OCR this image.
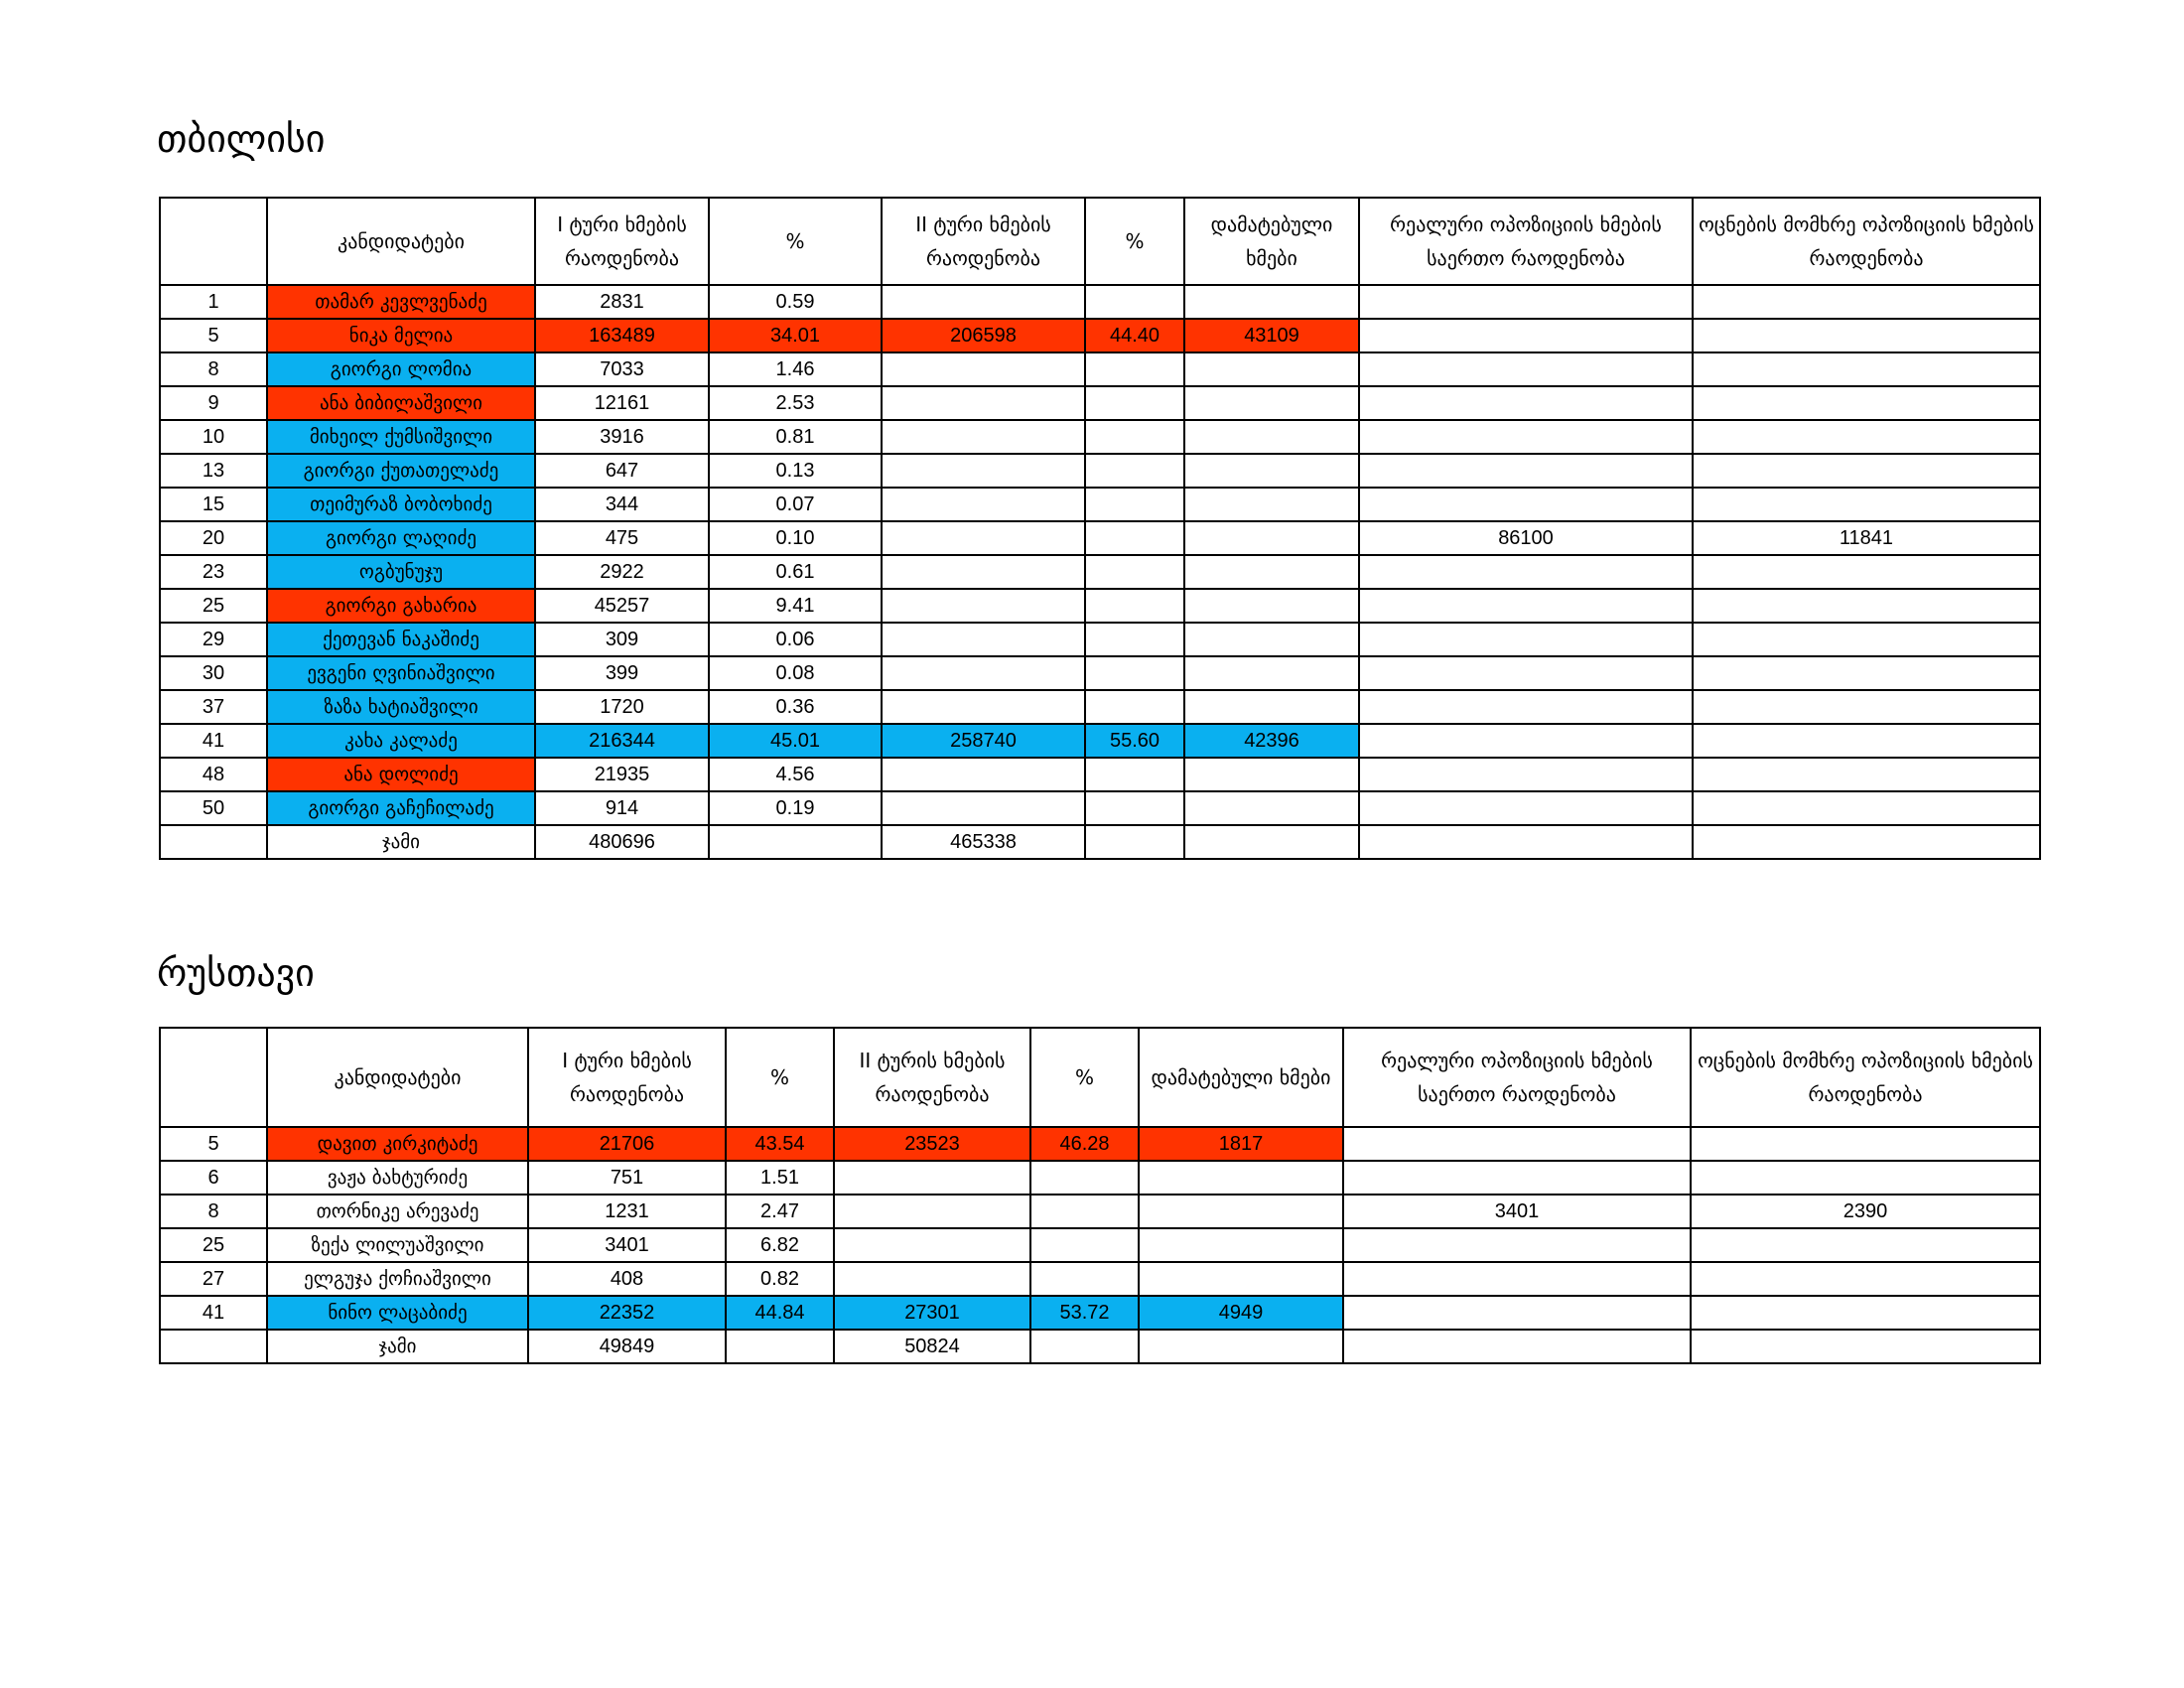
თბილისი
	კანდიდატები	I ტური ხმების რაოდენობა	%	II ტური ხმების რაოდენობა	%	დამატებული ხმები	რეალური ოპოზიციის ხმების საერთო რაოდენობა	ოცნების მომხრე ოპოზიციის ხმების რაოდენობა
1	თამარ კევლვენაძე	2831	0.59					
5	ნიკა მელია	163489	34.01	206598	44.40	43109		
8	გიორგი ლომია	7033	1.46					
9	ანა ბიბილაშვილი	12161	2.53					
10	მიხეილ ქუმსიშვილი	3916	0.81					
13	გიორგი ქუთათელაძე	647	0.13					
15	თეიმურაზ ბობოხიძე	344	0.07					
20	გიორგი ლაღიძე	475	0.10				86100	11841
23	ოგბუნუჯუ	2922	0.61					
25	გიორგი გახარია	45257	9.41					
29	ქეთევან ნაკაშიძე	309	0.06					
30	ევგენი ღვინიაშვილი	399	0.08					
37	ზაზა ხატიაშვილი	1720	0.36					
41	კახა კალაძე	216344	45.01	258740	55.60	42396		
48	ანა დოლიძე	21935	4.56					
50	გიორგი გაჩეჩილაძე	914	0.19					
	ჯამი	480696		465338				
რუსთავი
	კანდიდატები	I ტური ხმების რაოდენობა	%	II ტურის ხმების რაოდენობა	%	დამატებული ხმები	რეალური ოპოზიციის ხმების საერთო რაოდენობა	ოცნების მომხრე ოპოზიციის ხმების რაოდენობა
5	დავით კირკიტაძე	21706	43.54	23523	46.28	1817		
6	ვაჟა ბახტურიძე	751	1.51					
8	თორნიკე არევაძე	1231	2.47				3401	2390
25	ზექა ლილუაშვილი	3401	6.82					
27	ელგუჯა ქოჩიაშვილი	408	0.82					
41	ნინო ლაცაბიძე	22352	44.84	27301	53.72	4949		
	ჯამი	49849		50824				
